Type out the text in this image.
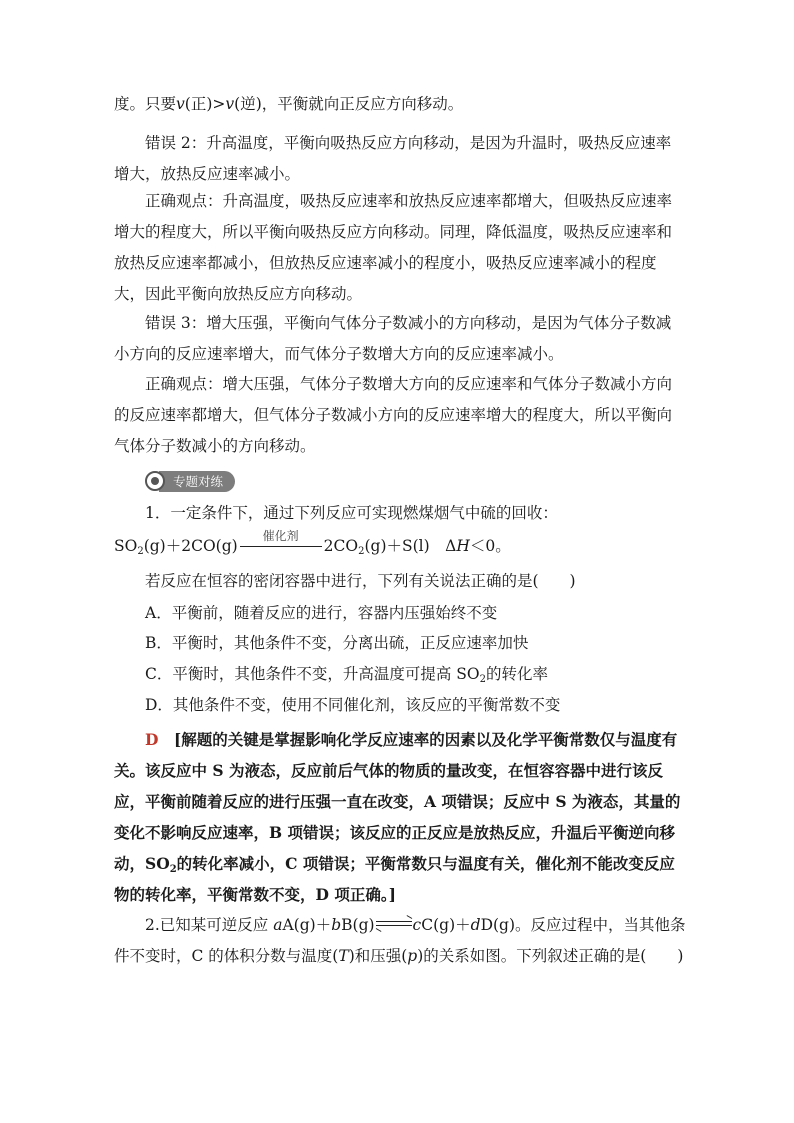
度。只要v(正)>v(逆)，平衡就向正反应方向移动。

错误 2：升高温度，平衡向吸热反应方向移动，是因为升温时，吸热反应速率增大，放热反应速率减小。

正确观点：升高温度，吸热反应速率和放热反应速率都增大，但吸热反应速率增大的程度大，所以平衡向吸热反应方向移动。同理，降低温度，吸热反应速率和放热反应速率都减小，但放热反应速率减小的程度小，吸热反应速率减小的程度大，因此平衡向放热反应方向移动。

错误 3：增大压强，平衡向气体分子数减小的方向移动，是因为气体分子数减小方向的反应速率增大，而气体分子数增大方向的反应速率减小。

正确观点：增大压强，气体分子数增大方向的反应速率和气体分子数减小方向的反应速率都增大，但气体分子数减小方向的反应速率增大的程度大，所以平衡向气体分子数减小的方向移动。

专题对练

1．一定条件下，通过下列反应可实现燃煤烟气中硫的回收：

$SO_2(g)+2CO(g)$
催化剂
$2CO_2(g)+S(l)$　ΔH＜0。

若反应在恒容的密闭容器中进行，下列有关说法正确的是(　　)

A．平衡前，随着反应的进行，容器内压强始终不变

B．平衡时，其他条件不变，分离出硫，正反应速率加快

C．平衡时，其他条件不变，升高温度可提高 $SO_2$的转化率

D．其他条件不变，使用不同催化剂，该反应的平衡常数不变

D　[解题的关键是掌握影响化学反应速率的因素以及化学平衡常数仅与温度有关。该反应中 S 为液态，反应前后气体的物质的量改变，在恒容容器中进行该反应，平衡前随着反应的进行压强一直在改变，A 项错误；反应中 S 为液态，其量的变化不影响反应速率，B 项错误；该反应的正反应是放热反应，升温后平衡逆向移动，$SO_2$的转化率减小，C 项错误；平衡常数只与温度有关，催化剂不能改变反应物的转化率，平衡常数不变，D 项正确。]

2.已知某可逆反应 aA(g)＋bB(g)⇌cC(g)＋dD(g)。反应过程中，当其他条件不变时，C 的体积分数与温度(T)和压强(p)的关系如图。下列叙述正确的是(　　)
